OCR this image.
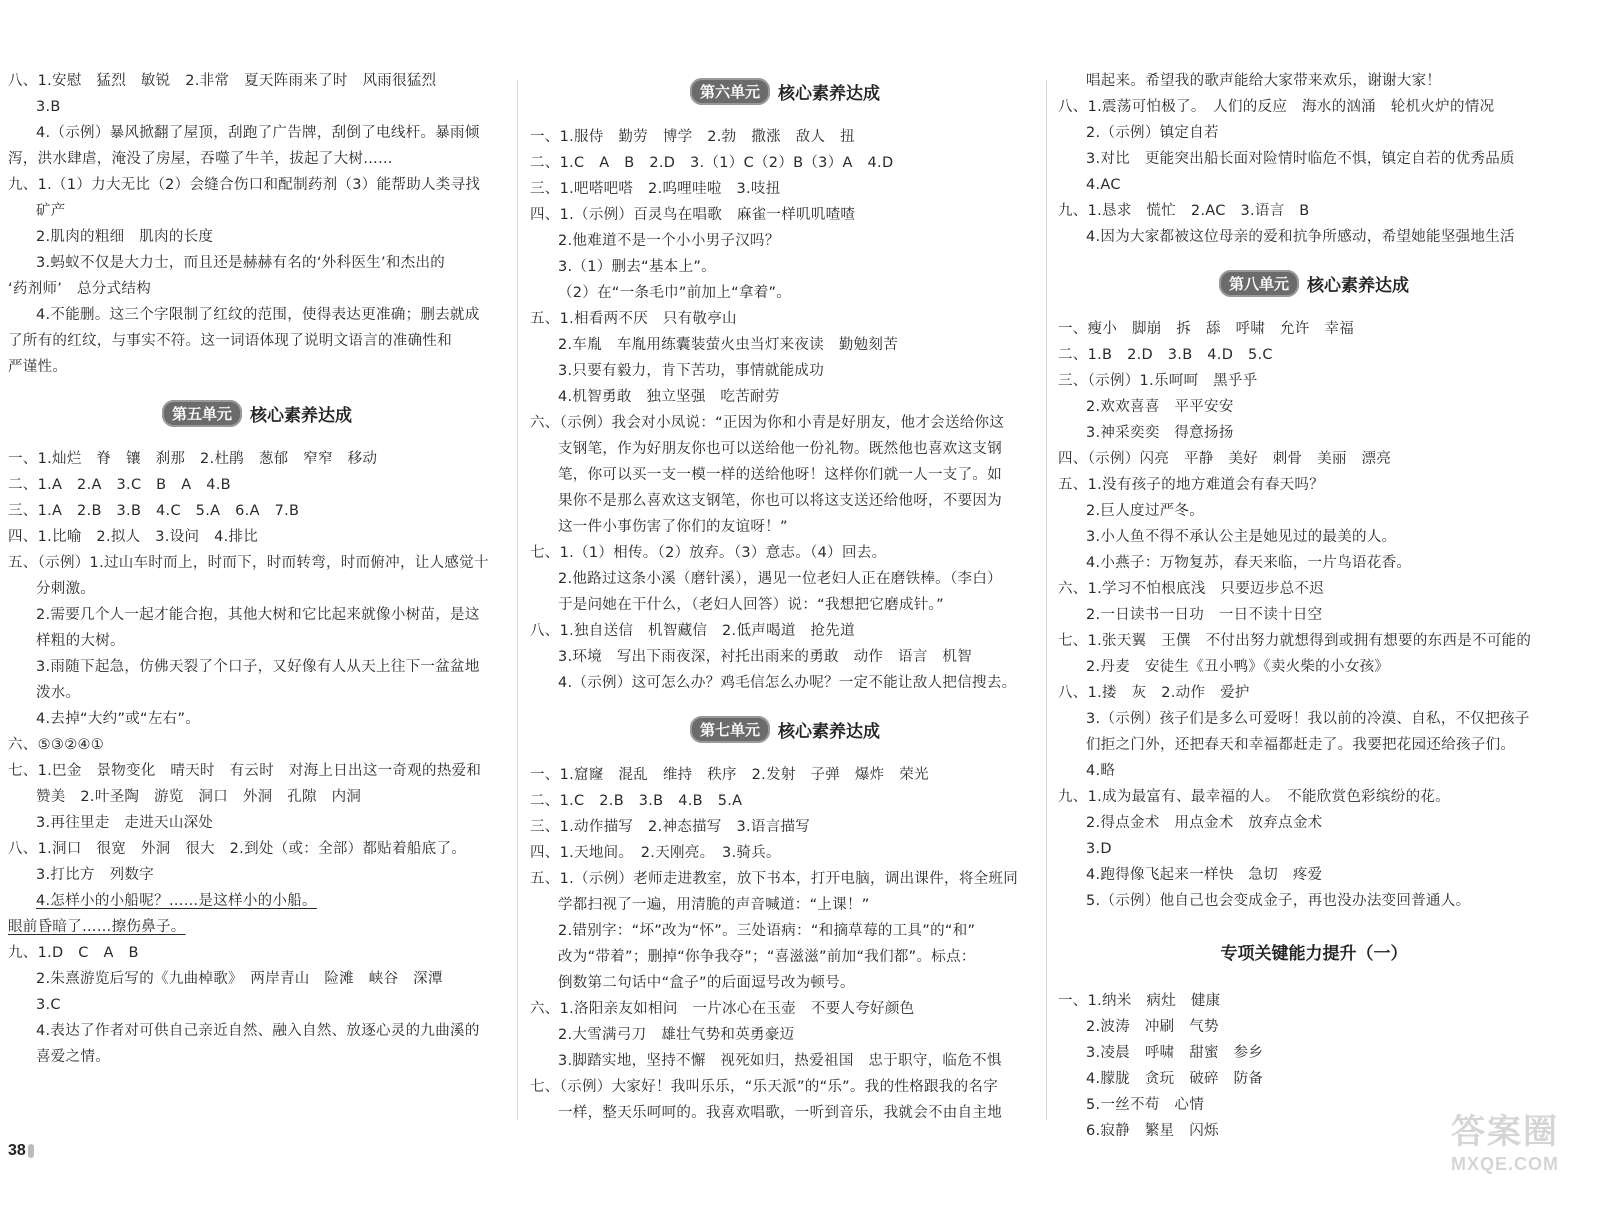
八、1.安慰　猛烈　敏锐　2.非常　夏天阵雨来了时　风雨很猛烈
3.B
4.（示例）暴风掀翻了屋顶，刮跑了广告牌，刮倒了电线杆。暴雨倾
泻，洪水肆虐，淹没了房屋，吞噬了牛羊，拔起了大树……
九、1.（1）力大无比（2）会缝合伤口和配制药剂（3）能帮助人类寻找
矿产
2.肌肉的粗细　肌肉的长度
3.蚂蚁不仅是大力士，而且还是赫赫有名的‘外科医生’和杰出的
‘药剂师’　总分式结构
4.不能删。这三个字限制了红纹的范围，使得表达更准确；删去就成
了所有的红纹，与事实不符。这一词语体现了说明文语言的准确性和
严谨性。
第五单元	核心素养达成
一、1.灿烂　脊　镶　刹那　2.杜鹃　葱郁　窄窄　移动
二、1.A　2.A　3.C　B　A　4.B
三、1.A　2.B　3.B　4.C　5.A　6.A　7.B
四、1.比喻　2.拟人　3.设问　4.排比
五、（示例）1.过山车时而上，时而下，时而转弯，时而俯冲，让人感觉十
分刺激。
2.需要几个人一起才能合抱，其他大树和它比起来就像小树苗，是这
样粗的大树。
3.雨随下起急，仿佛天裂了个口子，又好像有人从天上往下一盆盆地
泼水。
4.去掉“大约”或“左右”。
六、⑤③②④①
七、1.巴金　景物变化　晴天时　有云时　对海上日出这一奇观的热爱和
赞美　2.叶圣陶　游览　洞口　外洞　孔隙　内洞
3.再往里走　走进天山深处
八、1.洞口　很宽　外洞　很大　2.到处（或：全部）都贴着船底了。
3.打比方　列数字
4.怎样小的小船呢？……是这样小的小船。
眼前昏暗了……擦伤鼻子。
九、1.D　C　A　B
2.朱熹游览后写的《九曲棹歌》　两岸青山　险滩　峡谷　深潭
3.C
4.表达了作者对可供自己亲近自然、融入自然、放逐心灵的九曲溪的
喜爱之情。
第六单元	核心素养达成
一、1.服侍　勤劳　博学　2.勃　撒涨　敌人　扭
二、1.C　A　B　2.D　3.（1）C（2）B（3）A　4.D
三、1.吧嗒吧嗒　2.呜哩哇啦　3.吱扭
四、1.（示例）百灵鸟在唱歌　麻雀一样叽叽喳喳
2.他难道不是一个小小男子汉吗？
3.（1）删去“基本上”。
（2）在“一条毛巾”前加上“拿着”。
五、1.相看两不厌　只有敬亭山
2.车胤　车胤用练囊装萤火虫当灯来夜读　勤勉刻苦
3.只要有毅力，肯下苦功，事情就能成功
4.机智勇敢　独立坚强　吃苦耐劳
六、（示例）我会对小凤说：“正因为你和小青是好朋友，他才会送给你这
支钢笔，作为好朋友你也可以送给他一份礼物。既然他也喜欢这支钢
笔，你可以买一支一模一样的送给他呀！这样你们就一人一支了。如
果你不是那么喜欢这支钢笔，你也可以将这支送还给他呀，不要因为
这一件小事伤害了你们的友谊呀！”
七、1.（1）相传。（2）放弃。（3）意志。（4）回去。
2.他路过这条小溪（磨针溪），遇见一位老妇人正在磨铁棒。（李白）
于是问她在干什么，（老妇人回答）说：“我想把它磨成针。”
八、1.独自送信　机智藏信　2.低声喝道　抢先道
3.环境　写出下雨夜深，衬托出雨来的勇敢　动作　语言　机智
4.（示例）这可怎么办？鸡毛信怎么办呢？一定不能让敌人把信搜去。
第七单元	核心素养达成
一、1.窟窿　混乱　维持　秩序　2.发射　子弹　爆炸　荣光
二、1.C　2.B　3.B　4.B　5.A
三、1.动作描写　2.神态描写　3.语言描写
四、1.天地间。　2.天刚亮。　3.骑兵。
五、1.（示例）老师走进教室，放下书本，打开电脑，调出课件，将全班同
学都扫视了一遍，用清脆的声音喊道：“上课！”
2.错别字：“坏”改为“怀”。三处语病：“和摘草莓的工具”的“和”
改为“带着”；删掉“你争我夺”；“喜滋滋”前加“我们都”。标点：
倒数第二句话中“盒子”的后面逗号改为顿号。
六、1.洛阳亲友如相问　一片冰心在玉壶　不要人夸好颜色
2.大雪满弓刀　雄壮气势和英勇豪迈
3.脚踏实地，坚持不懈　视死如归，热爱祖国　忠于职守，临危不惧
七、（示例）大家好！我叫乐乐，“乐天派”的“乐”。我的性格跟我的名字
一样，整天乐呵呵的。我喜欢唱歌，一听到音乐，我就会不由自主地
唱起来。希望我的歌声能给大家带来欢乐，谢谢大家！
八、1.震荡可怕极了。　人们的反应　海水的汹涌　轮机火炉的情况
2.（示例）镇定自若
3.对比　更能突出船长面对险情时临危不惧，镇定自若的优秀品质
4.AC
九、1.恳求　慌忙　2.AC　3.语言　B
4.因为大家都被这位母亲的爱和抗争所感动，希望她能坚强地生活
第八单元	核心素养达成
一、瘦小　脚崩　拆　舔　呼啸　允许　幸福
二、1.B　2.D　3.B　4.D　5.C
三、（示例）1.乐呵呵　黑乎乎
2.欢欢喜喜　平平安安
3.神采奕奕　得意扬扬
四、（示例）闪亮　平静　美好　刺骨　美丽　漂亮
五、1.没有孩子的地方难道会有春天吗？
2.巨人度过严冬。
3.小人鱼不得不承认公主是她见过的最美的人。
4.小燕子：万物复苏，春天来临，一片鸟语花香。
六、1.学习不怕根底浅　只要迈步总不迟
2.一日读书一日功　一日不读十日空
七、1.张天翼　王僎　不付出努力就想得到或拥有想要的东西是不可能的
2.丹麦　安徒生《丑小鸭》《卖火柴的小女孩》
八、1.搂　灰　2.动作　爱护
3.（示例）孩子们是多么可爱呀！我以前的冷漠、自私，不仅把孩子
们拒之门外，还把春天和幸福都赶走了。我要把花园还给孩子们。
4.略
九、1.成为最富有、最幸福的人。　不能欣赏色彩缤纷的花。
2.得点金术　用点金术　放弃点金术
3.D
4.跑得像飞起来一样快　急切　疼爱
5.（示例）他自己也会变成金子，再也没办法变回普通人。
专项关键能力提升（一）
一、1.纳米　病灶　健康
2.波涛　冲刷　气势
3.凌晨　呼啸　甜蜜　参乡
4.朦胧　贪玩　破碎　防备
5.一丝不苟　心情
6.寂静　繁星　闪烁
38	答案圈
MXQE.COM
